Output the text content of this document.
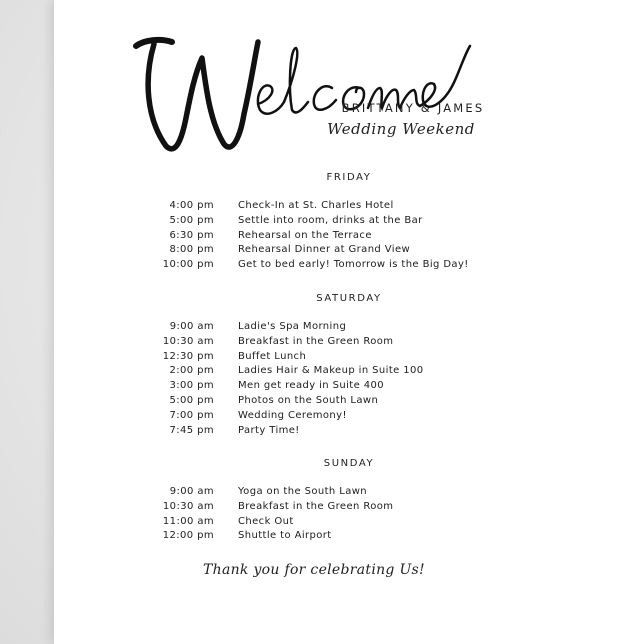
BRITTANY & JAMES
Wedding Weekend
FRIDAY
4:00 pm Check-In at St. Charles Hotel
5:00 pm Settle into room, drinks at the Bar
6:30 pm Rehearsal on the Terrace
8:00 pm Rehearsal Dinner at Grand View
10:00 pm Get to bed early! Tomorrow is the Big Day!
SATURDAY
9:00 am Ladie's Spa Morning
10:30 am Breakfast in the Green Room
12:30 pm Buffet Lunch
2:00 pm Ladies Hair & Makeup in Suite 100
3:00 pm Men get ready in Suite 400
5:00 pm Photos on the South Lawn
7:00 pm Wedding Ceremony!
7:45 pm Party Time!
SUNDAY
9:00 am Yoga on the South Lawn
10:30 am Breakfast in the Green Room
11:00 am Check Out
12:00 pm Shuttle to Airport
Thank you for celebrating Us!
